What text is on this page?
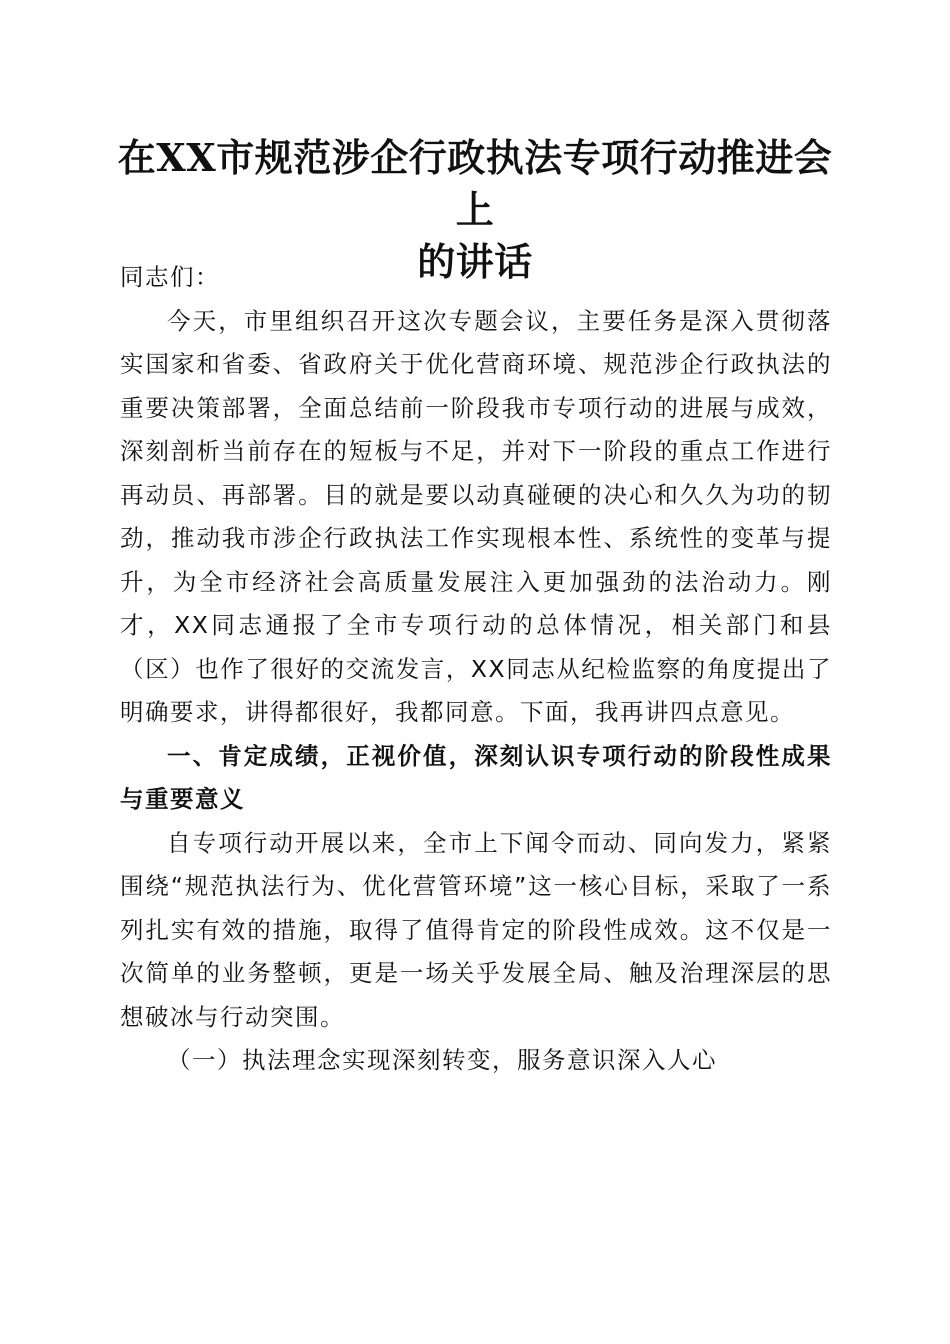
在XX市规范涉企行政执法专项行动推进会上
的讲话

同志们：

今天，市里组织召开这次专题会议，主要任务是深入贯彻落实国家和省委、省政府关于优化营商环境、规范涉企行政执法的重要决策部署，全面总结前一阶段我市专项行动的进展与成效，深刻剖析当前存在的短板与不足，并对下一阶段的重点工作进行再动员、再部署。目的就是要以动真碰硬的决心和久久为功的韧劲，推动我市涉企行政执法工作实现根本性、系统性的变革与提升，为全市经济社会高质量发展注入更加强劲的法治动力。刚才，XX同志通报了全市专项行动的总体情况，相关部门和县（区）也作了很好的交流发言，XX同志从纪检监察的角度提出了明确要求，讲得都很好，我都同意。下面，我再讲四点意见。

一、肯定成绩，正视价值，深刻认识专项行动的阶段性成果与重要意义

自专项行动开展以来，全市上下闻令而动、同向发力，紧紧围绕“规范执法行为、优化营管环境”这一核心目标，采取了一系列扎实有效的措施，取得了值得肯定的阶段性成效。这不仅是一次简单的业务整顿，更是一场关乎发展全局、触及治理深层的思想破冰与行动突围。

（一）执法理念实现深刻转变，服务意识深入人心
